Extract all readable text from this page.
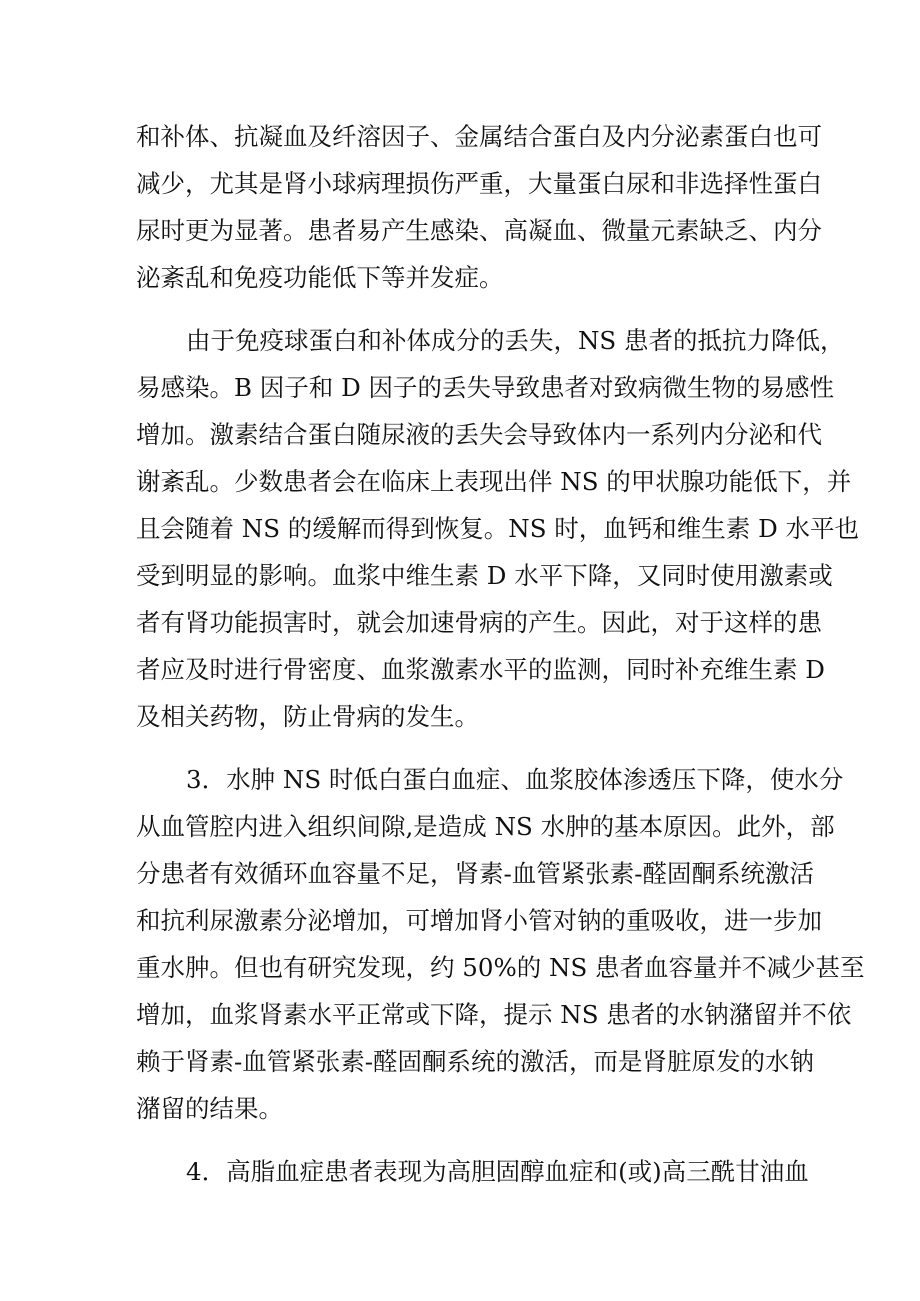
和补体、抗凝血及纤溶因子、金属结合蛋白及内分泌素蛋白也可
减少，尤其是肾小球病理损伤严重，大量蛋白尿和非选择性蛋白
尿时更为显著。患者易产生感染、高凝血、微量元素缺乏、内分
泌紊乱和免疫功能低下等并发症。
由于免疫球蛋白和补体成分的丢失，NS 患者的抵抗力降低，
易感染。B 因子和 D 因子的丢失导致患者对致病微生物的易感性
增加。激素结合蛋白随尿液的丢失会导致体内一系列内分泌和代
谢紊乱。少数患者会在临床上表现出伴 NS 的甲状腺功能低下，并
且会随着 NS 的缓解而得到恢复。NS 时，血钙和维生素 D 水平也
受到明显的影响。血浆中维生素 D 水平下降，又同时使用激素或
者有肾功能损害时，就会加速骨病的产生。因此，对于这样的患
者应及时进行骨密度、血浆激素水平的监测，同时补充维生素 D
及相关药物，防止骨病的发生。
3．水肿 NS 时低白蛋白血症、血浆胶体渗透压下降，使水分
从血管腔内进入组织间隙,是造成 NS 水肿的基本原因。此外，部
分患者有效循环血容量不足，肾素-血管紧张素-醛固酮系统激活
和抗利尿激素分泌增加，可增加肾小管对钠的重吸收，进一步加
重水肿。但也有研究发现，约 50%的 NS 患者血容量并不减少甚至
增加，血浆肾素水平正常或下降，提示 NS 患者的水钠潴留并不依
赖于肾素-血管紧张素-醛固酮系统的激活，而是肾脏原发的水钠
潴留的结果。
4．高脂血症患者表现为高胆固醇血症和(或)高三酰甘油血
